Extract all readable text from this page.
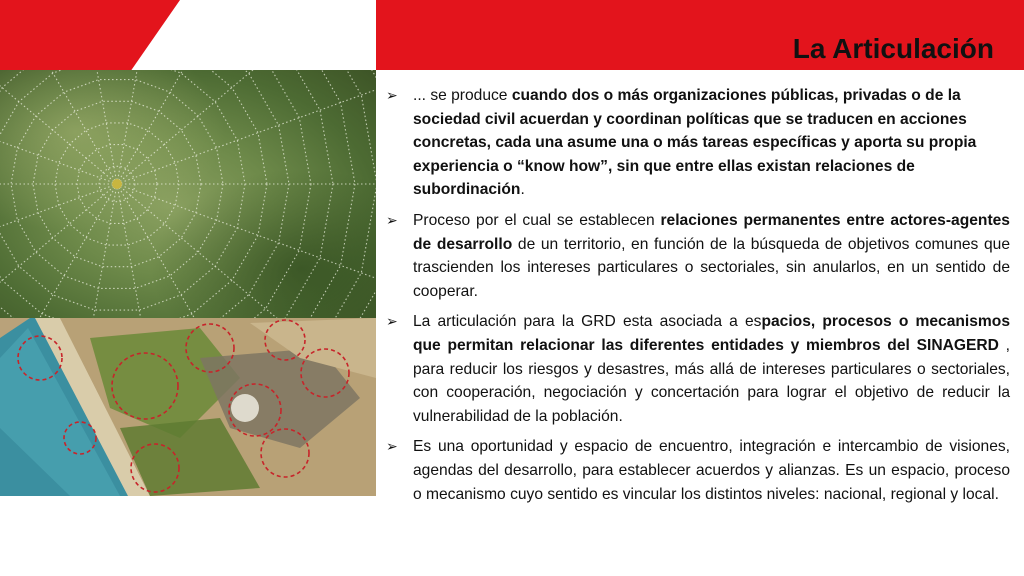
La Articulación
➢ ... se produce cuando dos o más organizaciones públicas, privadas o de la sociedad civil acuerdan y coordinan políticas que se traducen en acciones concretas, cada una asume una o más tareas específicas y aporta su propia experiencia o “know how”, sin que entre ellas existan relaciones de subordinación.
➢ Proceso por el cual se establecen relaciones permanentes entre actores-agentes de desarrollo de un territorio, en función de la búsqueda de objetivos comunes que trascienden los intereses particulares o sectoriales, sin anularlos, en un sentido de cooperar.
➢ La articulación para la GRD esta asociada a espacios, procesos o mecanismos que permitan relacionar las diferentes entidades y miembros del SINAGERD , para reducir los riesgos y desastres, más allá de intereses particulares o sectoriales, con cooperación, negociación y concertación para lograr el objetivo de reducir la vulnerabilidad de la población.
➢ Es una oportunidad y espacio de encuentro, integración e intercambio de visiones, agendas del desarrollo, para establecer acuerdos y alianzas. Es un espacio, proceso o mecanismo cuyo sentido es vincular los distintos niveles: nacional, regional y local.
